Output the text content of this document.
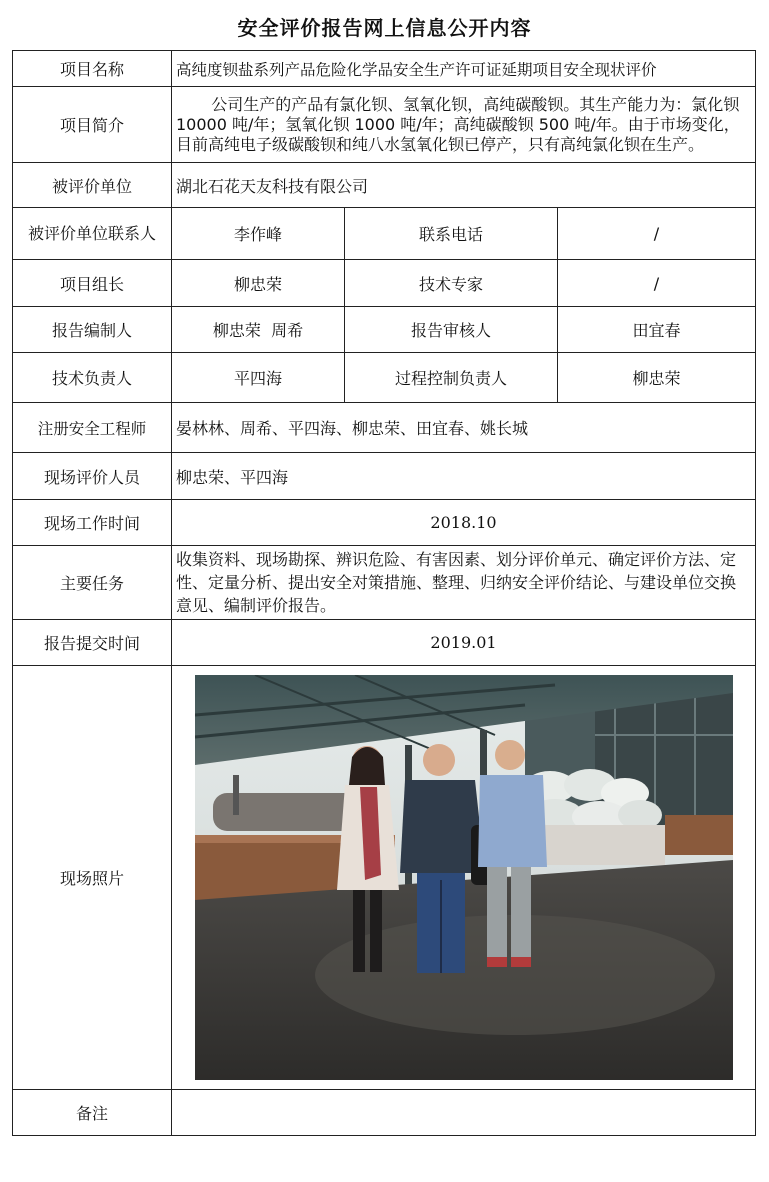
安全评价报告网上信息公开内容
项目名称	高纯度钡盐系列产品危险化学品安全生产许可证延期项目安全现状评价		
项目简介	公司生产的产品有氯化钡、氢氧化钡，高纯碳酸钡。其生产能力为：氯化钡10000 吨/年；氢氧化钡 1000 吨/年；高纯碳酸钡 500 吨/年。由于市场变化，目前高纯电子级碳酸钡和纯八水氢氧化钡已停产，只有高纯氯化钡在生产。		
被评价单位	湖北石花天友科技有限公司		
被评价单位联系人	李作峰	联系电话	/
项目组长	柳忠荣	技术专家	/
报告编制人	柳忠荣  周希	报告审核人	田宜春
技术负责人	平四海	过程控制负责人	柳忠荣
注册安全工程师	晏林林、周希、平四海、柳忠荣、田宜春、姚长城		
现场评价人员	柳忠荣、平四海		
现场工作时间	2018.10		
主要任务	收集资料、现场勘探、辨识危险、有害因素、划分评价单元、确定评价方法、定性、定量分析、提出安全对策措施、整理、归纳安全评价结论、与建设单位交换意见、编制评价报告。		
报告提交时间	2019.01		
现场照片	

备注			
